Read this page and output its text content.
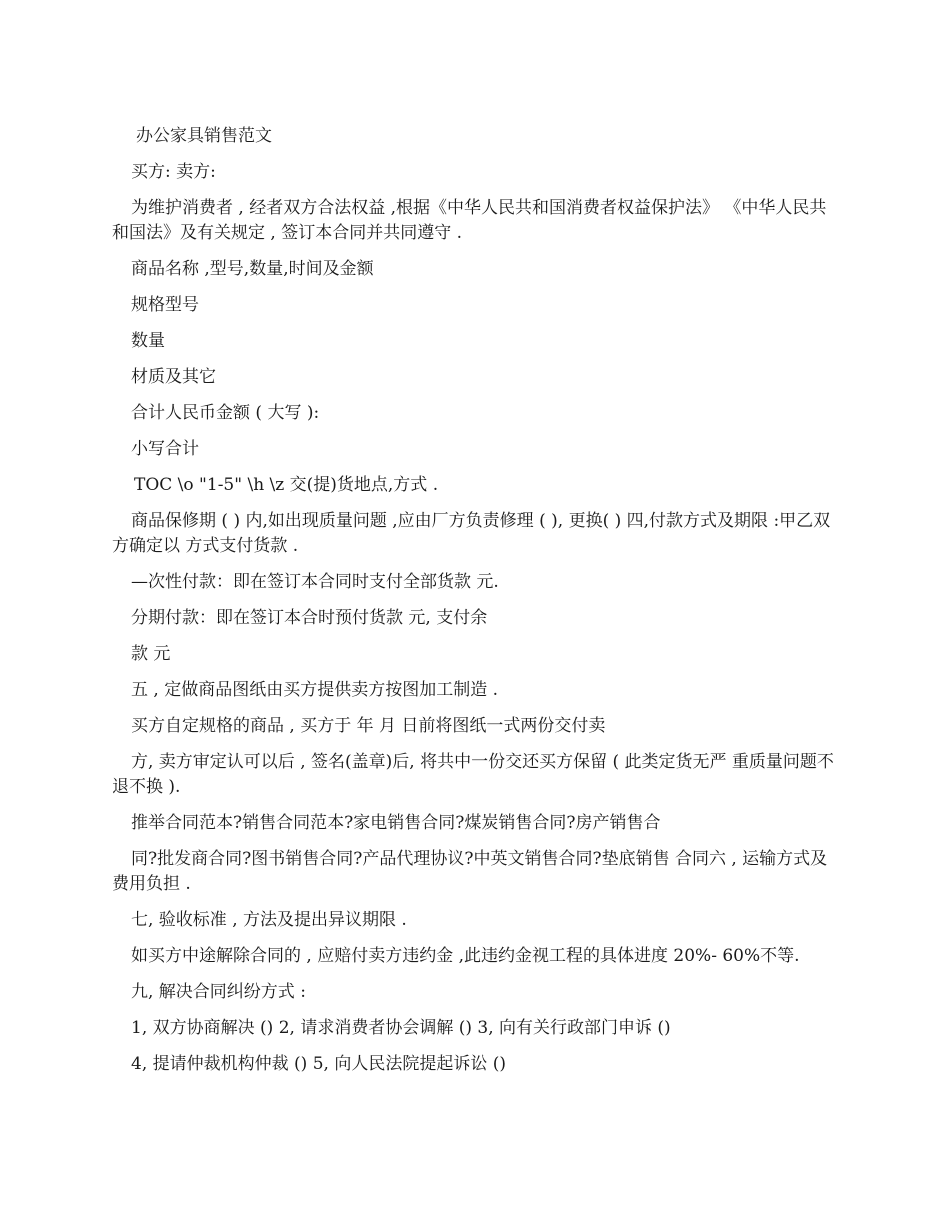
办公家具销售范文

买方: 卖方:

为维护消费者 , 经者双方合法权益 ,根据《中华人民共和国消费者权益保护法》 《中华人民共和国法》及有关规定 , 签订本合同并共同遵守 .

商品名称 ,型号,数量,时间及金额

规格型号

数量

材质及其它

合计人民币金额 ( 大写 ):

小写合计

TOC \o "1-5" \h \z 交(提)货地点,方式 .

商品保修期 ( ) 内,如出现质量问题 ,应由厂方负责修理 ( ), 更换( ) 四,付款方式及期限 :甲乙双方确定以 方式支付货款 .

—次性付款：即在签订本合同时支付全部货款 元.

分期付款：即在签订本合时预付货款 元, 支付余

款 元

五 , 定做商品图纸由买方提供卖方按图加工制造 .

买方自定规格的商品 , 买方于 年 月 日前将图纸一式两份交付卖

方, 卖方审定认可以后 , 签名(盖章)后, 将共中一份交还买方保留 ( 此类定货无严 重质量问题不退不换 ).

推举合同范本?销售合同范本?家电销售合同?煤炭销售合同?房产销售合

同?批发商合同?图书销售合同?产品代理协议?中英文销售合同?垫底销售 合同六 , 运输方式及费用负担 .

七, 验收标准 , 方法及提出异议期限 .

如买方中途解除合同的 , 应赔付卖方违约金 ,此违约金视工程的具体进度 20%- 60%不等.

九, 解决合同纠纷方式 :

1, 双方协商解决 () 2, 请求消费者协会调解 () 3, 向有关行政部门申诉 ()

4, 提请仲裁机构仲裁 () 5, 向人民法院提起诉讼 ()
